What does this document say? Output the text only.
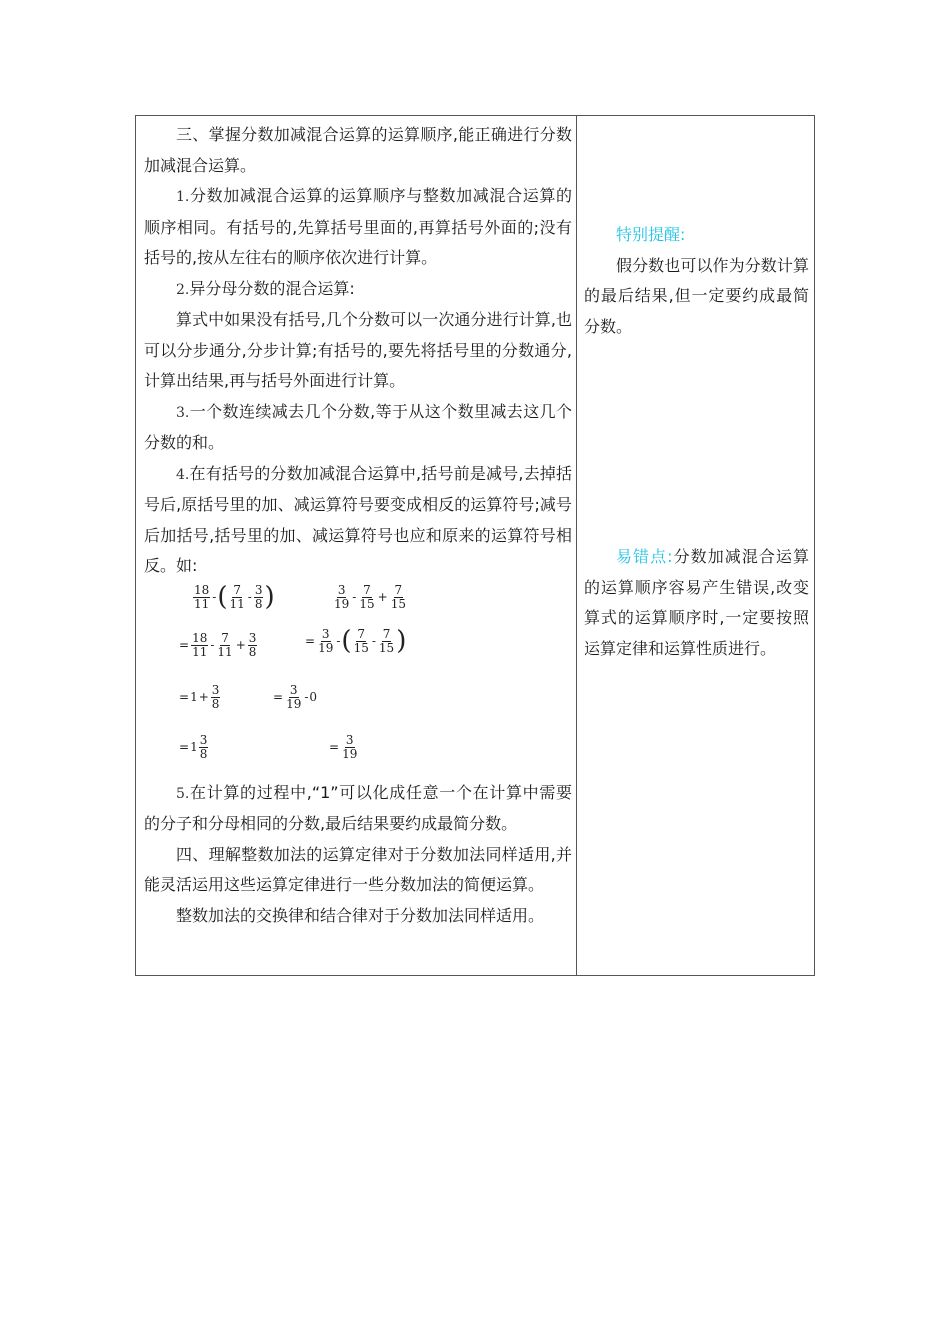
三、掌握分数加减混合运算的运算顺序,能正确进行分数加减混合运算。

1.分数加减混合运算的运算顺序与整数加减混合运算的顺序相同。有括号的,先算括号里面的,再算括号外面的;没有括号的,按从左往右的顺序依次进行计算。

2.异分母分数的混合运算:

算式中如果没有括号,几个分数可以一次通分进行计算,也可以分步通分,分步计算;有括号的,要先将括号里的分数通分,计算出结果,再与括号外面进行计算。

3.一个数连续减去几个分数,等于从这个数里减去这几个分数的和。

4.在有括号的分数加减混合运算中,括号前是减号,去掉括号后,原括号里的加、减运算符号要变成相反的运算符号;减号后加括号,括号里的加、减运算符号也应和原来的运算符号相反。如:

$\frac{18}{11}$ - ( $\frac{7}{11} - \frac{3}{8}$ )	$\frac{3}{19} - \frac{7}{15} + \frac{7}{15}$
= $\frac{18}{11} - \frac{7}{11} + \frac{3}{8}$	= $\frac{3}{19}$ - ( $\frac{7}{15} - \frac{7}{15}$ )
= $1 + \frac{3}{8}$	= $\frac{3}{19} - 0$
= $1 \frac{3}{8}$	= $\frac{3}{19}$

5.在计算的过程中,“1”可以化成任意一个在计算中需要的分子和分母相同的分数,最后结果要约成最简分数。

四、理解整数加法的运算定律对于分数加法同样适用,并能灵活运用这些运算定律进行一些分数加法的简便运算。

整数加法的交换律和结合律对于分数加法同样适用。

特别提醒:

假分数也可以作为分数计算的最后结果,但一定要约成最简分数。

易错点:分数加减混合运算的运算顺序容易产生错误,改变算式的运算顺序时,一定要按照运算定律和运算性质进行。
